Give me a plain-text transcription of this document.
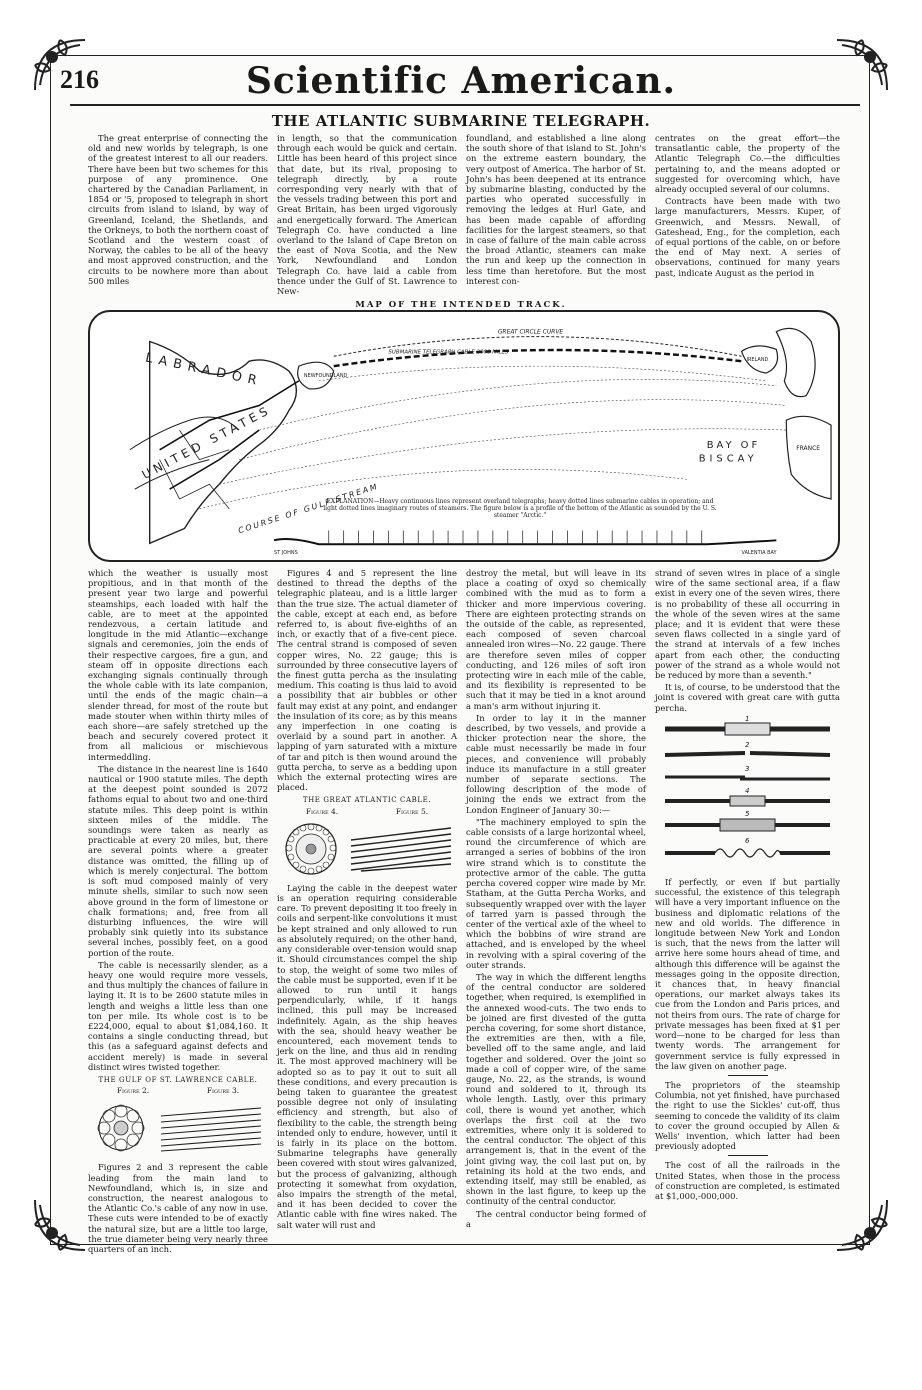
216	Scientific American.
THE ATLANTIC SUBMARINE TELEGRAPH.

The great enterprise of connecting the old and new worlds by telegraph, is one of the greatest interest to all our readers. There have been but two schemes for this purpose of any prominence. One chartered by the Canadian Parliament, in 1854 or '5, proposed to telegraph in short circuits from island to island, by way of Greenland, Iceland, the Shetlands, and the Orkneys, to both the northern coast of Scotland and the western coast of Norway, the cables to be all of the heavy and most approved construction, and the circuits to be nowhere more than about 500 miles

in length, so that the communication through each would be quick and certain. Little has been heard of this project since that date, but its rival, proposing to telegraph directly, by a route corresponding very nearly with that of the vessels trading between this port and Great Britain, has been urged vigorously and energetically forward. The American Telegraph Co. have conducted a line overland to the Island of Cape Breton on the east of Nova Scotia, and the New York, Newfoundland and London Telegraph Co. have laid a cable from thence under the Gulf of St. Lawrence to New-

foundland, and established a line along the south shore of that island to St. John's on the extreme eastern boundary, the very outpost of America. The harbor of St. John's has been deepened at its entrance by submarine blasting, conducted by the parties who operated successfully in removing the ledges at Hurl Gate, and has been made capable of affording facilities for the largest steamers, so that in case of failure of the main cable across the broad Atlantic, steamers can make the run and keep up the connection in less time than heretofore. But the most interest con-

centrates on the great effort—the transatlantic cable, the property of the Atlantic Telegraph Co.—the difficulties pertaining to, and the means adopted or suggested for overcoming which, have already occupied several of our columns.

Contracts have been made with two large manufacturers, Messrs. Kuper, of Greenwich, and Messrs. Newall, of Gateshead, Eng., for the completion, each of equal portions of the cable, on or before the end of May next. A series of observations, continued for many years past, indicate August as the period in

MAP OF THE INTENDED TRACK.
LABRADOR
GREAT CIRCLE CURVE
SUBMARINE TELEGRAPH CABLE 2000 MILES
NEWFOUNDLAND
IRELAND
FRANCE
BAY OF
BISCAY
UNITED STATES
COURSE OF GULF STREAM
ST JOHNS	VALENTIA BAY
EXPLANATION—Heavy continuous lines represent overland telegraphs; heavy dotted lines submarine cables in operation; and light dotted lines imaginary routes of steamers. The figure below is a profile of the bottom of the Atlantic as sounded by the U. S. steamer "Arctic."

which the weather is usually most propitious, and in that month of the present year two large and powerful steamships, each loaded with half the cable, are to meet at the appointed rendezvous, a certain latitude and longitude in the mid Atlantic—exchange signals and ceremonies, join the ends of their respective cargoes, fire a gun, and steam off in opposite directions each exchanging signals continually through the whole cable with its late companion, until the ends of the magic chain—a slender thread, for most of the route but made stouter when within thirty miles of each shore—are safely stretched up the beach and securely covered protect it from all malicious or mischievous intermeddling.

The distance in the nearest line is 1640 nautical or 1900 statute miles. The depth at the deepest point sounded is 2072 fathoms equal to about two and one-third statute miles. This deep point is within sixteen miles of the middle. The soundings were taken as nearly as practicable at every 20 miles, but, there are several points where a greater distance was omitted, the filling up of which is merely conjectural. The bottom is soft mud composed mainly of very minute shells, similar to such now seen above ground in the form of limestone or chalk formations; and, free from all disturbing influences, the wire will probably sink quietly into its substance several inches, possibly feet, on a good portion of the route.

The cable is necessarily slender, as a heavy one would require more vessels, and thus multiply the chances of failure in laying it. It is to be 2600 statute miles in length and weighs a little less than one ton per mile. Its whole cost is to be £224,000, equal to about $1,084,160. It contains a single conducting thread, but this (as a safeguard against defects and accident merely) is made in several distinct wires twisted together.

THE GULF OF ST. LAWRENCE CABLE.
Figure 2.	Figure 3.

Figures 2 and 3 represent the cable leading from the main land to Newfoundland, which is, in size and construction, the nearest analogous to the Atlantic Co.'s cable of any now in use. These cuts were intended to be of exactly the natural size, but are a little too large, the true diameter being very nearly three quarters of an inch.

Figures 4 and 5 represent the line destined to thread the depths of the telegraphic plateau, and is a little larger than the true size. The actual diameter of the cable, except at each end, as before referred to, is about five-eighths of an inch, or exactly that of a five-cent piece. The central strand is composed of seven copper wires, No. 22 gauge; this is surrounded by three consecutive layers of the finest gutta percha as the insulating medium. This coating is thus laid to avoid a possibility that air bubbles or other fault may exist at any point, and endanger the insulation of its core; as by this means any imperfection in one coating is overlaid by a sound part in another. A lapping of yarn saturated with a mixture of tar and pitch is then wound around the gutta percha, to serve as a bedding upon which the external protecting wires are placed.

THE GREAT ATLANTIC CABLE.
Figure 4.	Figure 5.

Laying the cable in the deepest water is an operation requiring considerable care. To prevent depositing it too freely in coils and serpent-like convolutions it must be kept strained and only allowed to run as absolutely required; on the other hand, any considerable over-tension would snap it. Should circumstances compel the ship to stop, the weight of some two miles of the cable must be supported, even if it be allowed to run until it hangs perpendicularly, while, if it hangs inclined, this pull may be increased indefinitely. Again, as the ship heaves with the sea, should heavy weather be encountered, each movement tends to jerk on the line, and thus aid in rending it. The most approved machinery will be adopted so as to pay it out to suit all these conditions, and every precaution is being taken to guarantee the greatest possible degree not only of insulating efficiency and strength, but also of flexibility to the cable, the strength being intended only to endure, however, until it is fairly in its place on the bottom. Submarine telegraphs have generally been covered with stout wires galvanized, but the process of galvanizing, although protecting it somewhat from oxydation, also impairs the strength of the metal, and it has been decided to cover the Atlantic cable with fine wires naked. The salt water will rust and

destroy the metal, but will leave in its place a coating of oxyd so chemically combined with the mud as to form a thicker and more impervious covering. There are eighteen protecting strands on the outside of the cable, as represented, each composed of seven charcoal annealed iron wires—No. 22 gauge. There are therefore seven miles of copper conducting, and 126 miles of soft iron protecting wire in each mile of the cable, and its flexibility is represented to be such that it may be tied in a knot around a man's arm without injuring it.

In order to lay it in the manner described, by two vessels, and provide a thicker protection near the shore, the cable must necessarily be made in four pieces, and convenience will probably induce its manufacture in a still greater number of separate sections. The following description of the mode of joining the ends we extract from the London Engineer of January 30:—

"The machinery employed to spin the cable consists of a large horizontal wheel, round the circumference of which are arranged a series of bobbins of the iron wire strand which is to constitute the protective armor of the cable. The gutta percha covered copper wire made by Mr. Statham, at the Gutta Percha Works, and subsequently wrapped over with the layer of tarred yarn is passed through the center of the vertical axle of the wheel to which the bobbins of wire strand are attached, and is enveloped by the wheel in revolving with a spiral covering of the outer strands.

The way in which the different lengths of the central conductor are soldered together, when required, is exemplified in the annexed wood-cuts. The two ends to be joined are first divested of the gutta percha covering, for some short distance, the extremities are then, with a file, bevelled off to the same angle, and laid together and soldered. Over the joint so made a coil of copper wire, of the same gauge, No. 22, as the strands, is wound round and soldered to it, through its whole length. Lastly, over this primary coil, there is wound yet another, which overlaps the first coil at the two extremities, where only it is soldered to the central conductor. The object of this arrangement is, that in the event of the joint giving way, the coil last put on, by retaining its hold at the two ends, and extending itself, may still be enabled, as shown in the last figure, to keep up the continuity of the central conductor.

The central conductor being formed of a

strand of seven wires in place of a single wire of the same sectional area, if a flaw exist in every one of the seven wires, there is no probability of these all occurring in the whole of the seven wires at the same place; and it is evident that were these seven flaws collected in a single yard of the strand at intervals of a few inches apart from each other, the conducting power of the strand as a whole would not be reduced by more than a seventh."

It is, of course, to be understood that the joint is covered with great care with gutta percha.

1
2
3
4
5
6

If perfectly, or even if but partially successful, the existence of this telegraph will have a very important influence on the business and diplomatic relations of the new and old worlds. The difference in longitude between New York and London is such, that the news from the latter will arrive here some hours ahead of time, and although this difference will be against the messages going in the opposite direction, it chances that, in heavy financial operations, our market always takes its cue from the London and Paris prices, and not theirs from ours. The rate of charge for private messages has been fixed at $1 per word—none to be charged for less than twenty words. The arrangement for government service is fully expressed in the law given on another page.

The proprietors of the steamship Columbia, not yet finished, have purchased the right to use the Sickles' cut-off, thus seeming to concede the validity of its claim to cover the ground occupied by Allen & Wells' invention, which latter had been previously adopted

The cost of all the railroads in the United States, when those in the process of construction are completed, is estimated at $1,000,-000,000.
